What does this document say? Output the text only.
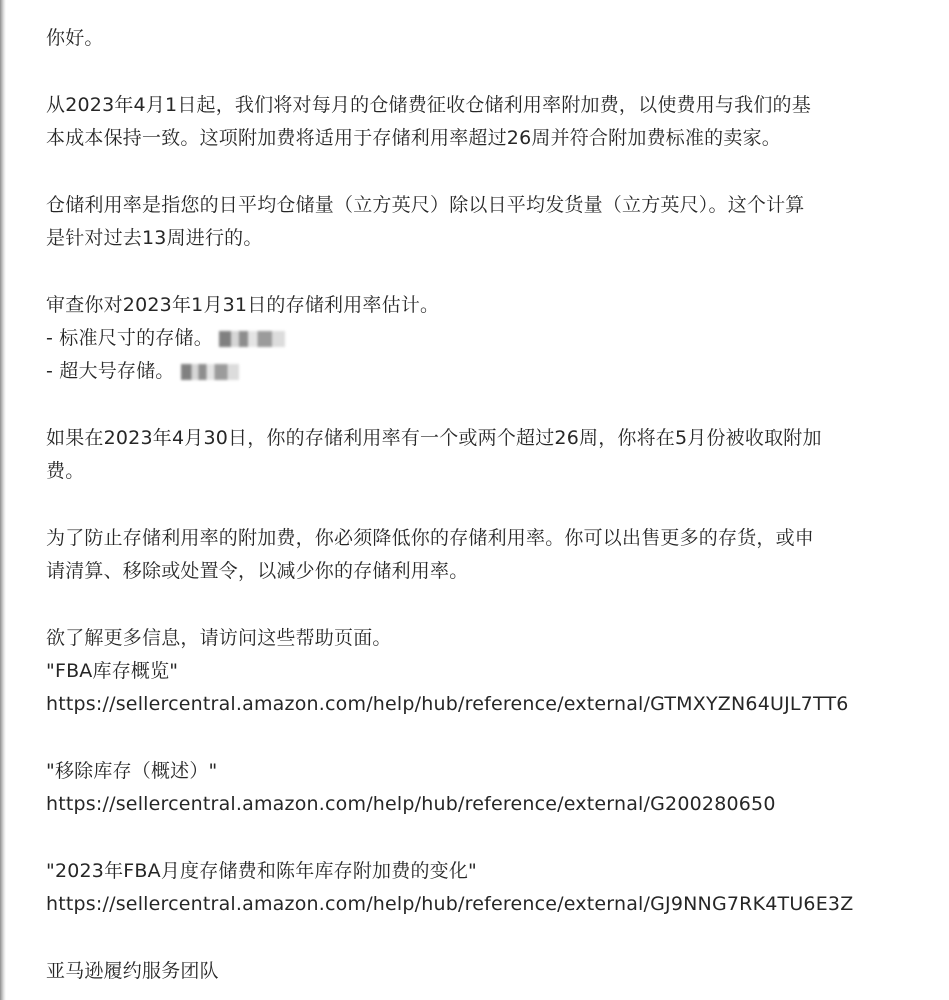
你好。

从2023年4月1日起，我们将对每月的仓储费征收仓储利用率附加费，以使费用与我们的基

本成本保持一致。这项附加费将适用于存储利用率超过26周并符合附加费标准的卖家。

仓储利用率是指您的日平均仓储量（立方英尺）除以日平均发货量（立方英尺）。这个计算

是针对过去13周进行的。

审查你对2023年1月31日的存储利用率估计。

- 标准尺寸的存储。

- 超大号存储。

如果在2023年4月30日，你的存储利用率有一个或两个超过26周，你将在5月份被收取附加

费。

为了防止存储利用率的附加费，你必须降低你的存储利用率。你可以出售更多的存货，或申

请清算、移除或处置令，以减少你的存储利用率。

欲了解更多信息，请访问这些帮助页面。

"FBA库存概览"

https://sellercentral.amazon.com/help/hub/reference/external/GTMXYZN64UJL7TT6

"移除库存（概述）"

https://sellercentral.amazon.com/help/hub/reference/external/G200280650

"2023年FBA月度存储费和陈年库存附加费的变化"

https://sellercentral.amazon.com/help/hub/reference/external/GJ9NNG7RK4TU6E3Z

亚马逊履约服务团队
